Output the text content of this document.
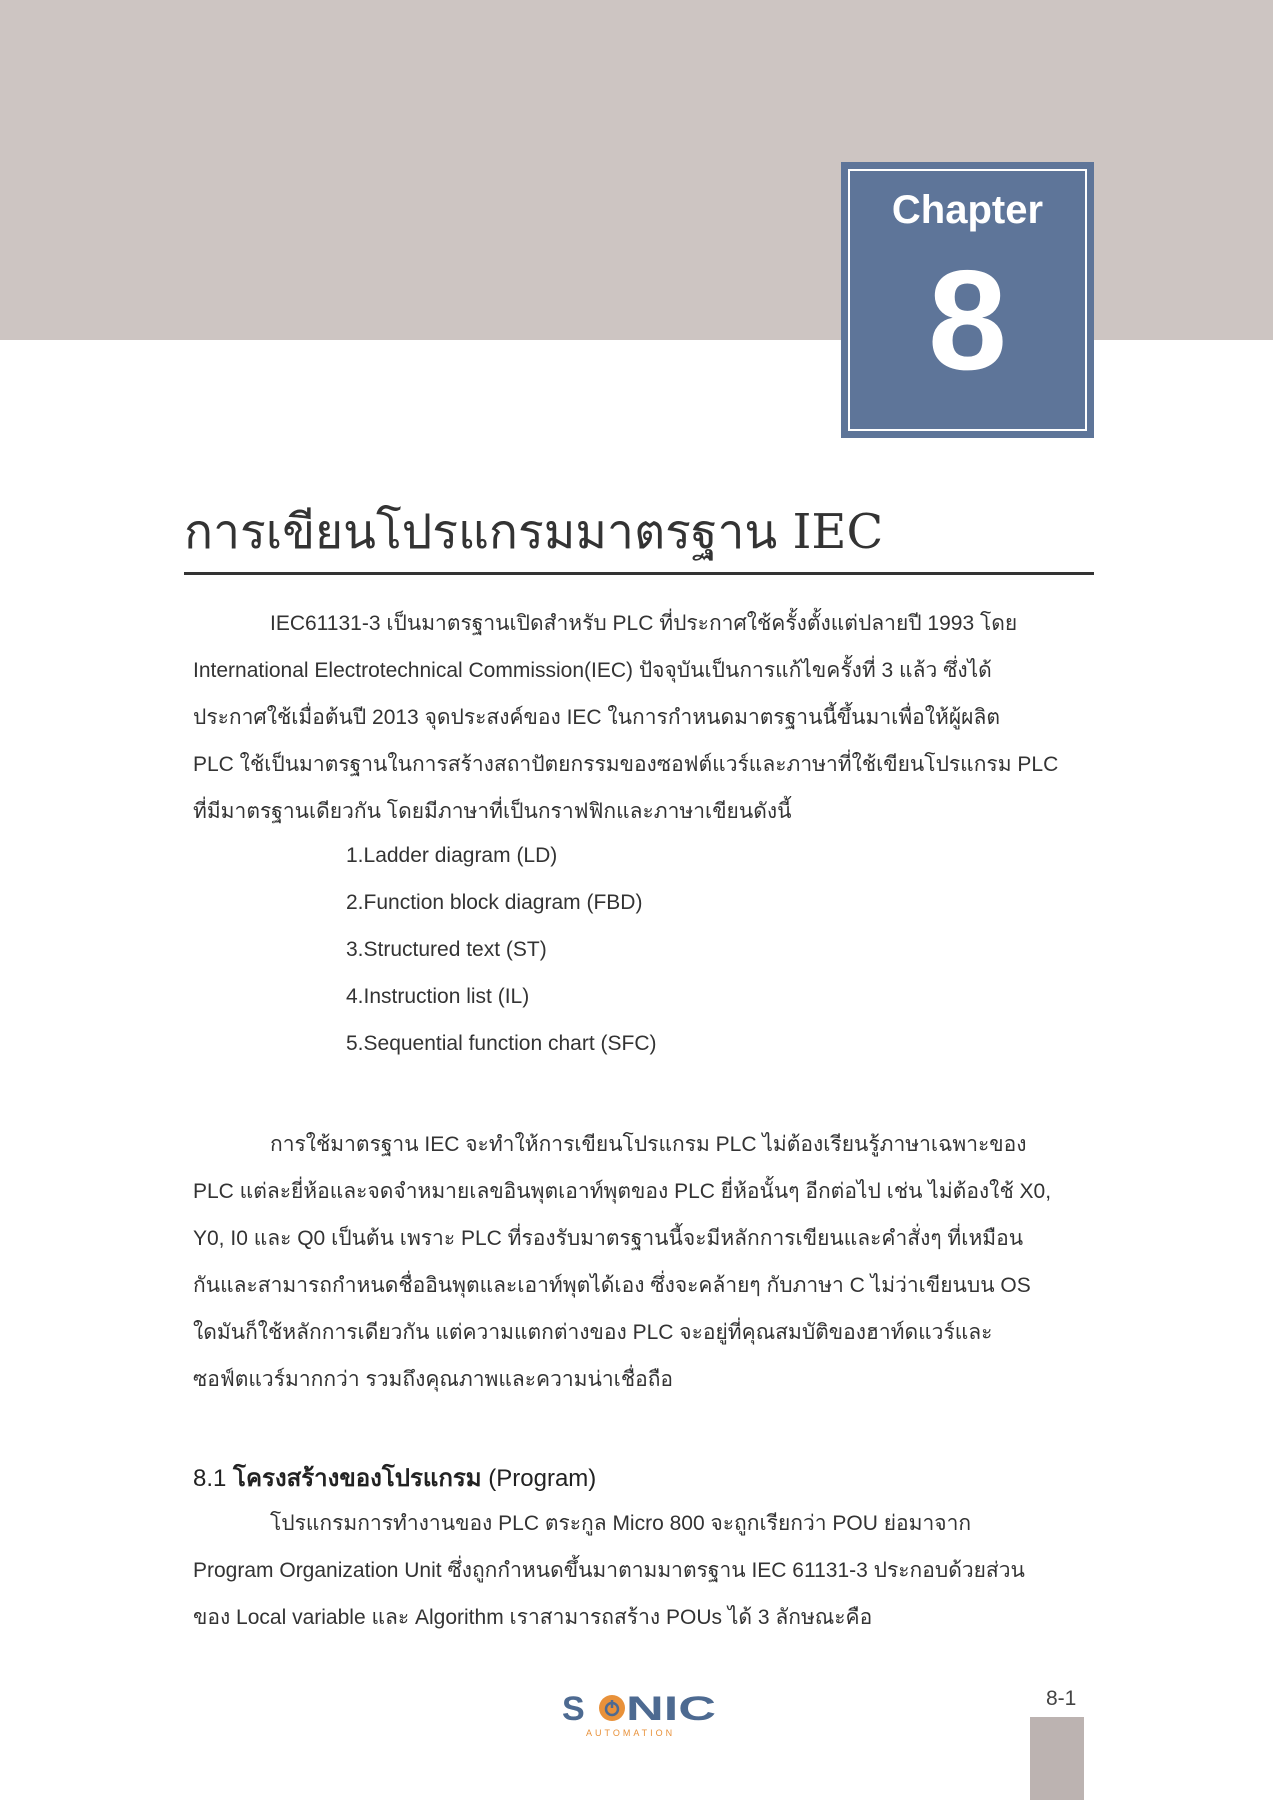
Chapter
8
การเขียนโปรแกรมมาตรฐาน IEC
IEC61131-3 เป็นมาตรฐานเปิดสำหรับ PLC ที่ประกาศใช้ครั้งตั้งแต่ปลายปี 1993 โดย
International Electrotechnical Commission(IEC) ปัจจุบันเป็นการแก้ไขครั้งที่ 3 แล้ว ซึ่งได้
ประกาศใช้เมื่อต้นปี 2013 จุดประสงค์ของ IEC ในการกำหนดมาตรฐานนี้ขึ้นมาเพื่อให้ผู้ผลิต
PLC ใช้เป็นมาตรฐานในการสร้างสถาปัตยกรรมของซอฟต์แวร์และภาษาที่ใช้เขียนโปรแกรม PLC
ที่มีมาตรฐานเดียวกัน โดยมีภาษาที่เป็นกราฟฟิกและภาษาเขียนดังนี้
1.Ladder diagram (LD)
2.Function block diagram (FBD)
3.Structured text (ST)
4.Instruction list (IL)
5.Sequential function chart (SFC)
การใช้มาตรฐาน IEC จะทำให้การเขียนโปรแกรม PLC ไม่ต้องเรียนรู้ภาษาเฉพาะของ
PLC แต่ละยี่ห้อและจดจำหมายเลขอินพุตเอาท์พุตของ PLC ยี่ห้อนั้นๆ อีกต่อไป เช่น ไม่ต้องใช้ X0,
Y0, I0 และ Q0 เป็นต้น เพราะ PLC ที่รองรับมาตรฐานนี้จะมีหลักการเขียนและคำสั่งๆ ที่เหมือน
กันและสามารถกำหนดชื่ออินพุตและเอาท์พุตได้เอง ซึ่งจะคล้ายๆ กับภาษา C ไม่ว่าเขียนบน OS
ใดมันก็ใช้หลักการเดียวกัน แต่ความแตกต่างของ PLC จะอยู่ที่คุณสมบัติของฮาท์ดแวร์และ
ซอฟ์ตแวร์มากกว่า รวมถึงคุณภาพและความน่าเชื่อถือ
8.1 โครงสร้างของโปรแกรม (Program)
โปรแกรมการทำงานของ PLC ตระกูล Micro 800 จะถูกเรียกว่า POU ย่อมาจาก
Program Organization Unit ซึ่งถูกกำหนดขึ้นมาตามมาตรฐาน IEC 61131-3 ประกอบด้วยส่วน
ของ Local variable และ Algorithm เราสามารถสร้าง POUs ได้ 3 ลักษณะคือ
S NIC
AUTOMATION
8-1
